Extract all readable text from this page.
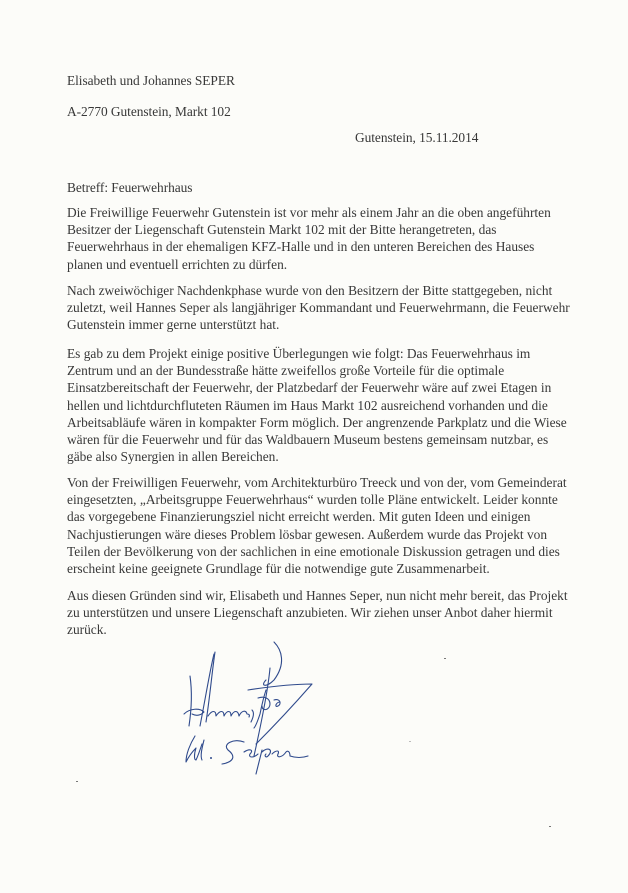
Elisabeth und Johannes SEPER
A-2770 Gutenstein, Markt 102
Gutenstein, 15.11.2014
Betreff: Feuerwehrhaus
Die Freiwillige Feuerwehr Gutenstein ist vor mehr als einem Jahr an die oben angeführten
Besitzer der Liegenschaft Gutenstein Markt 102 mit der Bitte herangetreten, das
Feuerwehrhaus in der ehemaligen KFZ-Halle und in den unteren Bereichen des Hauses
planen und eventuell errichten zu dürfen.
Nach zweiwöchiger Nachdenkphase wurde von den Besitzern der Bitte stattgegeben, nicht
zuletzt, weil Hannes Seper als langjähriger Kommandant und Feuerwehrmann, die Feuerwehr
Gutenstein immer gerne unterstützt hat.
Es gab zu dem Projekt einige positive Überlegungen wie folgt: Das Feuerwehrhaus im
Zentrum und an der Bundesstraße hätte zweifellos große Vorteile für die optimale
Einsatzbereitschaft der Feuerwehr, der Platzbedarf der Feuerwehr wäre auf zwei Etagen in
hellen und lichtdurchfluteten Räumen im Haus Markt 102 ausreichend vorhanden und die
Arbeitsabläufe wären in kompakter Form möglich. Der angrenzende Parkplatz und die Wiese
wären für die Feuerwehr und für das Waldbauern Museum bestens gemeinsam nutzbar, es
gäbe also Synergien in allen Bereichen.
Von der Freiwilligen Feuerwehr, vom Architekturbüro Treeck und von der, vom Gemeinderat
eingesetzten, „Arbeitsgruppe Feuerwehrhaus“ wurden tolle Pläne entwickelt. Leider konnte
das vorgegebene Finanzierungsziel nicht erreicht werden. Mit guten Ideen und einigen
Nachjustierungen wäre dieses Problem lösbar gewesen. Außerdem wurde das Projekt von
Teilen der Bevölkerung von der sachlichen in eine emotionale Diskussion getragen und dies
erscheint keine geeignete Grundlage für die notwendige gute Zusammenarbeit.
Aus diesen Gründen sind wir, Elisabeth und Hannes Seper, nun nicht mehr bereit, das Projekt
zu unterstützen und unsere Liegenschaft anzubieten. Wir ziehen unser Anbot daher hiermit
zurück.
